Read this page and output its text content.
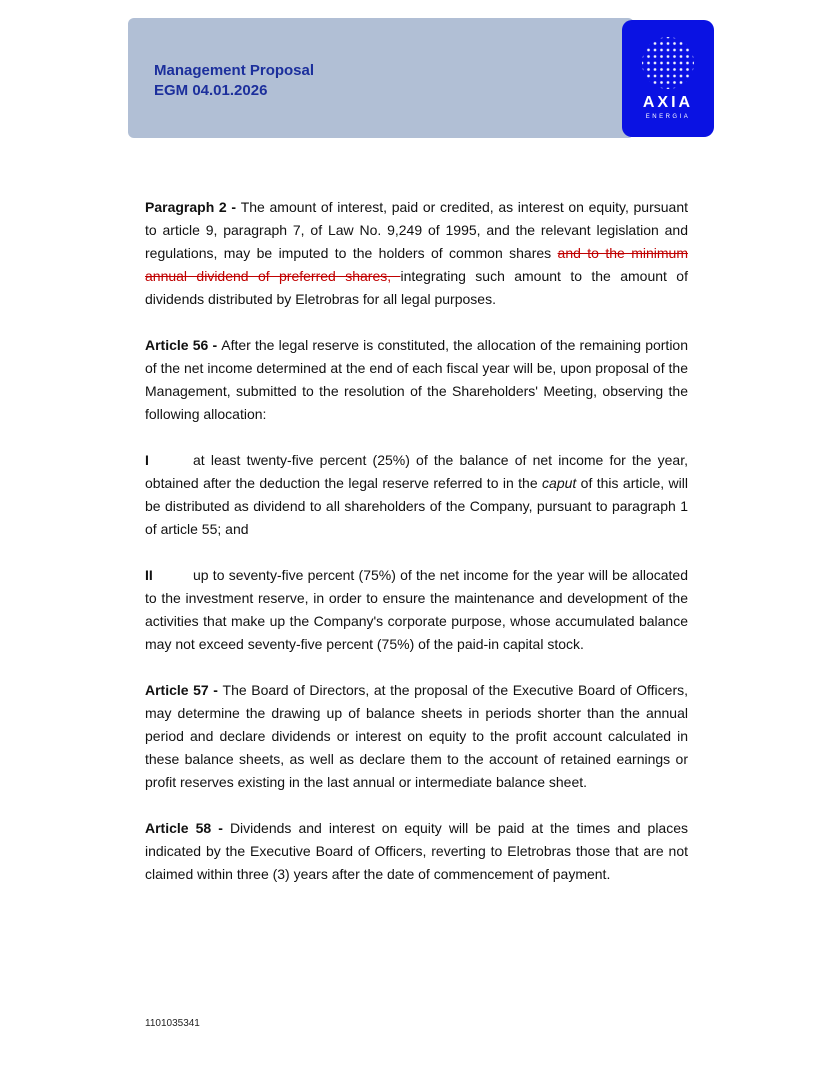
Management Proposal
EGM 04.01.2026
AXIA
ENERGIA

Paragraph 2 - The amount of interest, paid or credited, as interest on equity, pursuant to article 9, paragraph 7, of Law No. 9,249 of 1995, and the relevant legislation and regulations, may be imputed to the holders of common shares and to the minimum annual dividend of preferred shares, integrating such amount to the amount of dividends distributed by Eletrobras for all legal purposes.

Article 56 - After the legal reserve is constituted, the allocation of the remaining portion of the net income determined at the end of each fiscal year will be, upon proposal of the Management, submitted to the resolution of the Shareholders' Meeting, observing the following allocation:

I	at least twenty-five percent (25%) of the balance of net income for the year, obtained after the deduction the legal reserve referred to in the caput of this article, will be distributed as dividend to all shareholders of the Company, pursuant to paragraph 1 of article 55; and

II	up to seventy-five percent (75%) of the net income for the year will be allocated to the investment reserve, in order to ensure the maintenance and development of the activities that make up the Company's corporate purpose, whose accumulated balance may not exceed seventy-five percent (75%) of the paid-in capital stock.

Article 57 - The Board of Directors, at the proposal of the Executive Board of Officers, may determine the drawing up of balance sheets in periods shorter than the annual period and declare dividends or interest on equity to the profit account calculated in these balance sheets, as well as declare them to the account of retained earnings or profit reserves existing in the last annual or intermediate balance sheet.

Article 58 - Dividends and interest on equity will be paid at the times and places indicated by the Executive Board of Officers, reverting to Eletrobras those that are not claimed within three (3) years after the date of commencement of payment.

1101035341
